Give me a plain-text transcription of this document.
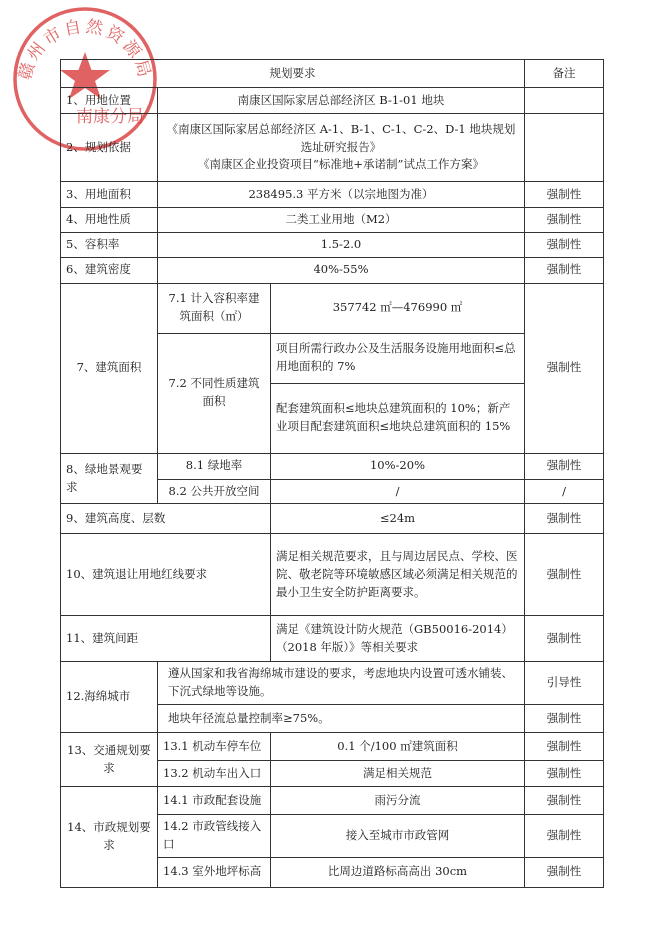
赣州市自然资源局
南康分局
规划要求			备注
1、用地位置	南康区国际家居总部经济区 B-1-01 地块		
2、规划依据	《南康区国际家居总部经济区 A-1、B-1、C-1、C-2、D-1 地块规划选址研究报告》
《南康区企业投资项目“标准地+承诺制”试点工作方案》		

3、用地面积	238495.3 平方米（以宗地图为准）		强制性
4、用地性质	二类工业用地（M2）		强制性
5、容积率	1.5-2.0		强制性
6、建筑密度	40%-55%		强制性
7、建筑面积	7.1 计入容积率建筑面积（㎡）	357742 ㎡—476990 ㎡	强制性
	7.2 不同性质建筑面积	项目所需行政办公及生活服务设施用地面积≤总用地面积的 7%	
		配套建筑面积≤地块总建筑面积的 10%；新产业项目配套建筑面积≤地块总建筑面积的 15%	
8、绿地景观要求	8.1 绿地率	10%-20%	强制性
	8.2 公共开放空间	/	/
9、建筑高度、层数		≤24m	强制性
10、建筑退让用地红线要求		满足相关规范要求，且与周边居民点、学校、医院、敬老院等环境敏感区域必须满足相关规范的最小卫生安全防护距离要求。	强制性
11、建筑间距		满足《建筑设计防火规范（GB50016-2014）（2018 年版）》等相关要求	强制性
12.海绵城市	遵从国家和我省海绵城市建设的要求，考虑地块内设置可透水铺装、下沉式绿地等设施。		引导性
	地块年径流总量控制率≥75%。		强制性
13、交通规划要求	13.1 机动车停车位	0.1 个/100 ㎡建筑面积	强制性
	13.2 机动车出入口	满足相关规范	强制性
14、市政规划要求	14.1 市政配套设施	雨污分流	强制性
	14.2 市政管线接入口	接入至城市市政管网	强制性
	14.3 室外地坪标高	比周边道路标高高出 30cm	强制性
